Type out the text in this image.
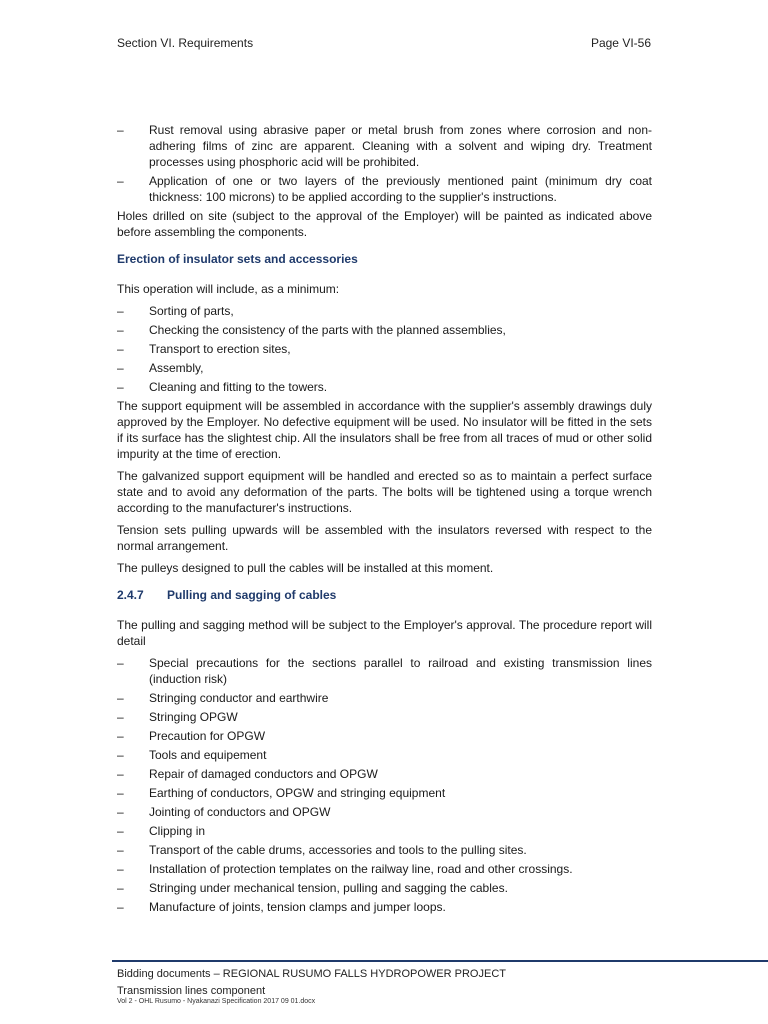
Section VI. Requirements	Page VI-56
–	Rust removal using abrasive paper or metal brush from zones where corrosion and non-adhering films of zinc are apparent. Cleaning with a solvent and wiping dry. Treatment processes using phosphoric acid will be prohibited.
–	Application of one or two layers of the previously mentioned paint (minimum dry coat thickness: 100 microns) to be applied according to the supplier's instructions.

Holes drilled on site (subject to the approval of the Employer) will be painted as indicated above before assembling the components.

Erection of insulator sets and accessories

This operation will include, as a minimum:

–	Sorting of parts,
–	Checking the consistency of the parts with the planned assemblies,
–	Transport to erection sites,
–	Assembly,
–	Cleaning and fitting to the towers.

The support equipment will be assembled in accordance with the supplier's assembly drawings duly approved by the Employer. No defective equipment will be used. No insulator will be fitted in the sets if its surface has the slightest chip. All the insulators shall be free from all traces of mud or other solid impurity at the time of erection.

The galvanized support equipment will be handled and erected so as to maintain a perfect surface state and to avoid any deformation of the parts. The bolts will be tightened using a torque wrench according to the manufacturer's instructions.

Tension sets pulling upwards will be assembled with the insulators reversed with respect to the normal arrangement.

The pulleys designed to pull the cables will be installed at this moment.

2.4.7 Pulling and sagging of cables

The pulling and sagging method will be subject to the Employer's approval. The procedure report will detail

–	Special precautions for the sections parallel to railroad and existing transmission lines (induction risk)
–	Stringing conductor and earthwire
–	Stringing OPGW
–	Precaution for OPGW
–	Tools and equipement
–	Repair of damaged conductors and OPGW
–	Earthing of conductors, OPGW and stringing equipment
–	Jointing of conductors and OPGW
–	Clipping in
–	Transport of the cable drums, accessories and tools to the pulling sites.
–	Installation of protection templates on the railway line, road and other crossings.
–	Stringing under mechanical tension, pulling and sagging the cables.
–	Manufacture of joints, tension clamps and jumper loops.
Bidding documents – REGIONAL RUSUMO FALLS HYDROPOWER PROJECT
Transmission lines component
Vol 2 - OHL Rusumo - Nyakanazi Specification 2017 09 01.docx
